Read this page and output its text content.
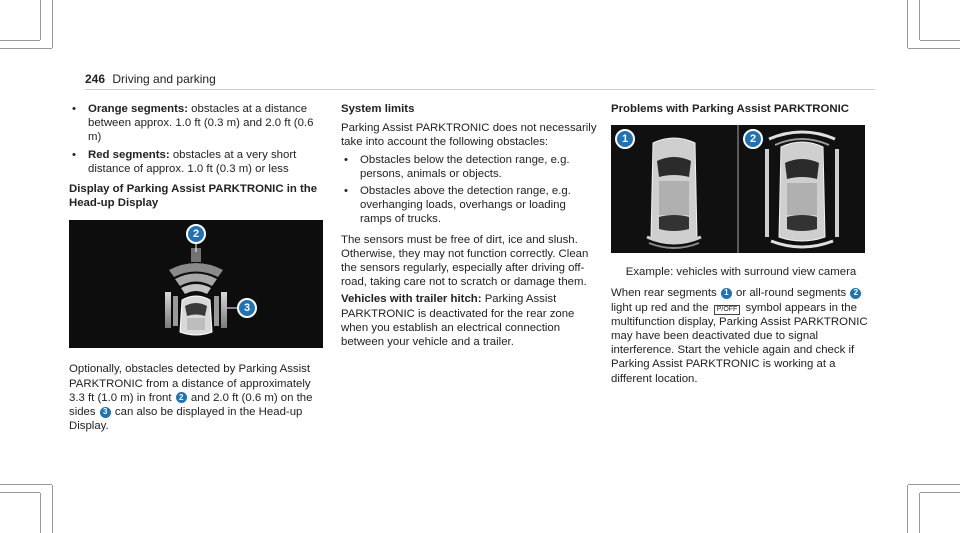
246 Driving and parking
• Orange segments: obstacles at a distance between approx. 1.0 ft (0.3 m) and 2.0 ft (0.6 m)
• Red segments: obstacles at a very short distance of approx. 1.0 ft (0.3 m) or less
Display of Parking Assist PARKTRONIC in the Head-up Display
2
3

Optionally, obstacles detected by Parking Assist PARKTRONIC from a distance of approximately 3.3 ft (1.0 m) in front 2 and 2.0 ft (0.6 m) on the sides 3 can also be displayed in the Head-up Display.

System limits

Parking Assist PARKTRONIC does not necessarily take into account the following obstacles:

• Obstacles below the detection range, e.g. persons, animals or objects.
• Obstacles above the detection range, e.g. overhanging loads, overhangs or loading ramps of trucks.

The sensors must be free of dirt, ice and slush. Otherwise, they may not function correctly. Clean the sensors regularly, especially after driving off-road, taking care not to scratch or damage them.

Vehicles with trailer hitch: Parking Assist PARKTRONIC is deactivated for the rear zone when you establish an electrical connection between your vehicle and a trailer.

Problems with Parking Assist PARKTRONIC
1	2

Example: vehicles with surround view camera

When rear segments 1 or all-round segments 2 light up red and the P/OFF symbol appears in the multifunction display, Parking Assist PARKTRONIC may have been deactivated due to signal interference. Start the vehicle again and check if Parking Assist PARKTRONIC is working at a different location.
